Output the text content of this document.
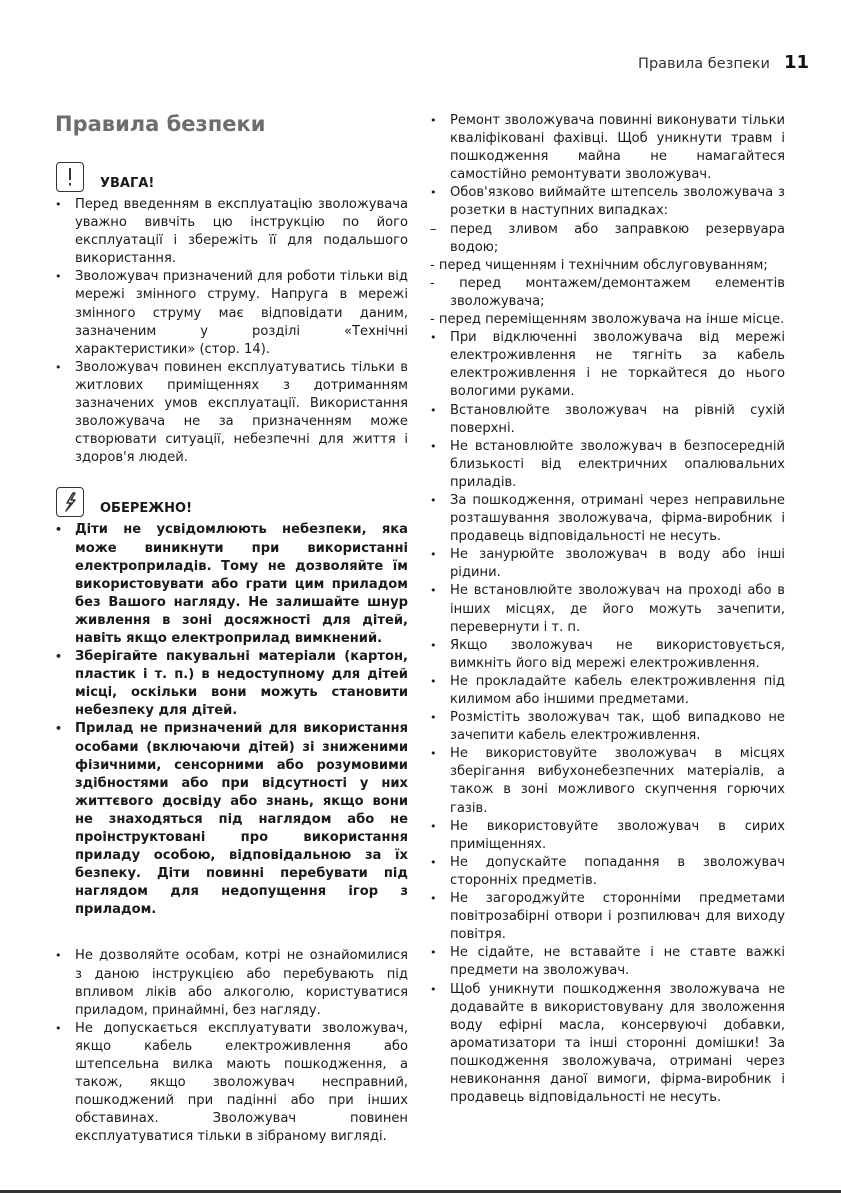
Правила безпеки 11
Правила безпеки
УВАГА!
•
Перед введенням в експлуатацію зволожувача уважно вивчіть цю інструкцію по його експлуатації і збережіть її для подальшого використання.
•
Зволожувач призначений для роботи тільки від мережі змінного струму. Напруга в мережі змінного струму має відповідати даним, зазначеним у розділі «Технічні характеристики» (стор. 14).
•
Зволожувач повинен експлуатуватись тільки в житлових приміщеннях з дотриманням зазначених умов експлуатації. Використання зволожувача не за призначенням може створювати ситуації, небезпечні для життя і здоров'я людей.
ОБЕРЕЖНО!
•
Діти не усвідомлюють небезпеки, яка може виникнути при використанні електроприладів. Тому не дозволяйте їм використовувати або грати цим приладом без Вашого нагляду. Не залишайте шнур живлення в зоні досяжності для дітей, навіть якщо електроприлад вимкнений.
•
Зберігайте пакувальні матеріали (картон, пластик і т. п.) в недоступному для дітей місці, оскільки вони можуть становити небезпеку для дітей.
•
Прилад не призначений для використання особами (включаючи дітей) зі зниженими фізичними, сенсорними або розумовими здібностями або при відсутності у них життєвого досвіду або знань, якщо вони не знаходяться під наглядом або не проінструктовані про використання приладу особою, відповідальною за їх безпеку. Діти повинні перебувати під наглядом для недопущення ігор з приладом.
•
Не дозволяйте особам, котрі не ознайомилися з даною інструкцією або перебувають під впливом ліків або алкоголю, користуватися приладом, принаймні, без нагляду.
•
Не допускається експлуатувати зволожувач, якщо кабель електроживлення або штепсельна вилка мають пошкодження, а також, якщо зволожувач несправний, пошкоджений при падінні або при інших обставинах. Зволожувач повинен експлуатуватися тільки в зібраному вигляді.
•
Ремонт зволожувача повинні виконувати тільки кваліфіковані фахівці. Щоб уникнути травм і пошкодження майна не намагайтеся самостійно ремонтувати зволожувач.
•
Обов'язково виймайте штепсель зволожувача з розетки в наступних випадках:
–
перед зливом або заправкою резервуара водою;
- перед чищенням і технічним обслуговуванням;
- перед монтажем/демонтажем елементів зволожувача;
- перед переміщенням зволожувача на інше місце.
•
При відключенні зволожувача від мережі електроживлення не тягніть за кабель електроживлення і не торкайтеся до нього вологими руками.
•
Встановлюйте зволожувач на рівній сухій поверхні.
•
Не встановлюйте зволожувач в безпосередній близькості від електричних опалювальних приладів.
•
За пошкодження, отримані через неправильне розташування зволожувача, фірма-виробник і продавець відповідальності не несуть.
•
Не занурюйте зволожувач в воду або інші рідини.
•
Не встановлюйте зволожувач на проході або в інших місцях, де його можуть зачепити, перевернути і т. п.
•
Якщо зволожувач не використовується, вимкніть його від мережі електроживлення.
•
Не прокладайте кабель електроживлення під килимом або іншими предметами.
•
Розмістіть зволожувач так, щоб випадково не зачепити кабель електроживлення.
•
Не використовуйте зволожувач в місцях зберігання вибухонебезпечних матеріалів, а також в зоні можливого скупчення горючих газів.
•
Не використовуйте зволожувач в сирих приміщеннях.
•
Не допускайте попадання в зволожувач сторонніх предметів.
•
Не загороджуйте сторонніми предметами повітрозабірні отвори і розпилювач для виходу повітря.
•
Не сідайте, не вставайте і не ставте важкі предмети на зволожувач.
•
Щоб уникнути пошкодження зволожувача не додавайте в використовувану для зволоження воду ефірні масла, консервуючі добавки, ароматизатори та інші сторонні домішки! За пошкодження зволожувача, отримані через невиконання даної вимоги, фірма-виробник і продавець відповідальності не несуть.
